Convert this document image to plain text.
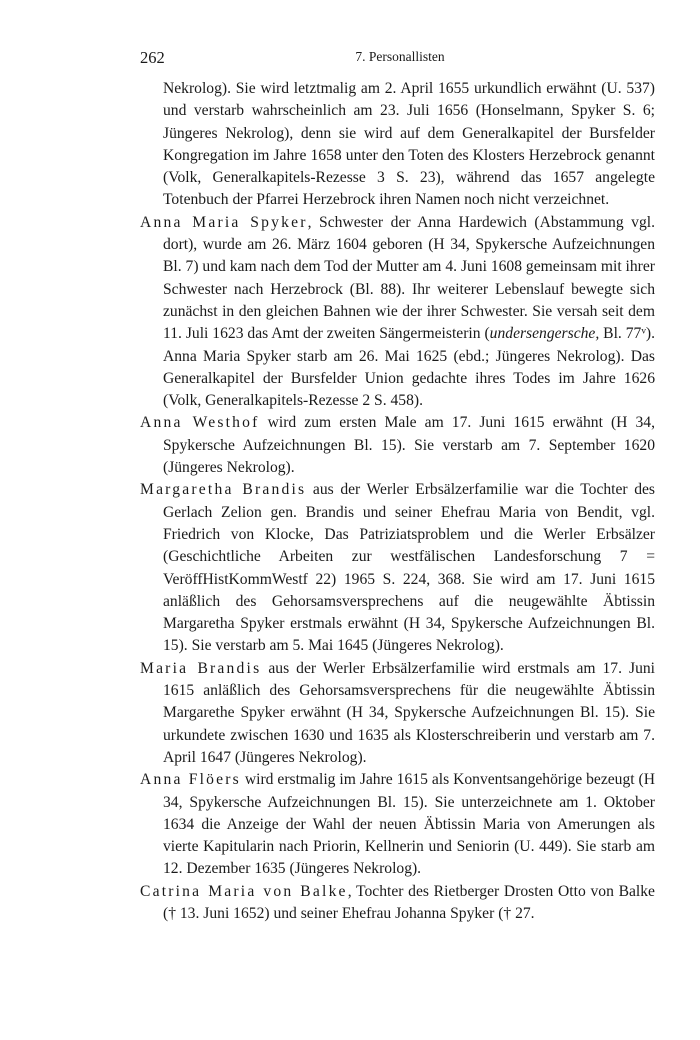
262	7. Personallisten

Nekrolog). Sie wird letztmalig am 2. April 1655 urkundlich erwähnt (U. 537) und verstarb wahrscheinlich am 23. Juli 1656 (Honselmann, Spyker S. 6; Jüngeres Nekrolog), denn sie wird auf dem Generalkapitel der Bursfelder Kongregation im Jahre 1658 unter den Toten des Klosters Herzebrock genannt (Volk, Generalkapitels-Rezesse 3 S. 23), während das 1657 angelegte Totenbuch der Pfarrei Herzebrock ihren Namen noch nicht verzeichnet.

Anna Maria Spyker, Schwester der Anna Hardewich (Abstammung vgl. dort), wurde am 26. März 1604 geboren (H 34, Spykersche Aufzeichnungen Bl. 7) und kam nach dem Tod der Mutter am 4. Juni 1608 gemeinsam mit ihrer Schwester nach Herzebrock (Bl. 88). Ihr weiterer Lebenslauf bewegte sich zunächst in den gleichen Bahnen wie der ihrer Schwester. Sie versah seit dem 11. Juli 1623 das Amt der zweiten Sängermeisterin (undersengersche, Bl. 77ᵛ). Anna Maria Spyker starb am 26. Mai 1625 (ebd.; Jüngeres Nekrolog). Das Generalkapitel der Bursfelder Union gedachte ihres Todes im Jahre 1626 (Volk, Generalkapitels-Rezesse 2 S. 458).

Anna Westhof wird zum ersten Male am 17. Juni 1615 erwähnt (H 34, Spykersche Aufzeichnungen Bl. 15). Sie verstarb am 7. September 1620 (Jüngeres Nekrolog).

Margaretha Brandis aus der Werler Erbsälzerfamilie war die Tochter des Gerlach Zelion gen. Brandis und seiner Ehefrau Maria von Bendit, vgl. Friedrich von Klocke, Das Patriziatsproblem und die Werler Erbsälzer (Geschichtliche Arbeiten zur westfälischen Landesforschung 7 = VeröffHistKommWestf 22) 1965 S. 224, 368. Sie wird am 17. Juni 1615 anläßlich des Gehorsamsversprechens auf die neugewählte Äbtissin Margaretha Spyker erstmals erwähnt (H 34, Spykersche Aufzeichnungen Bl. 15). Sie verstarb am 5. Mai 1645 (Jüngeres Nekrolog).

Maria Brandis aus der Werler Erbsälzerfamilie wird erstmals am 17. Juni 1615 anläßlich des Gehorsamsversprechens für die neugewählte Äbtissin Margarethe Spyker erwähnt (H 34, Spykersche Aufzeichnungen Bl. 15). Sie urkundete zwischen 1630 und 1635 als Klosterschreiberin und verstarb am 7. April 1647 (Jüngeres Nekrolog).

Anna Flöers wird erstmalig im Jahre 1615 als Konventsangehörige bezeugt (H 34, Spykersche Aufzeichnungen Bl. 15). Sie unterzeichnete am 1. Oktober 1634 die Anzeige der Wahl der neuen Äbtissin Maria von Amerungen als vierte Kapitularin nach Priorin, Kellnerin und Seniorin (U. 449). Sie starb am 12. Dezember 1635 (Jüngeres Nekrolog).

Catrina Maria von Balke, Tochter des Rietberger Drosten Otto von Balke († 13. Juni 1652) und seiner Ehefrau Johanna Spyker († 27.
